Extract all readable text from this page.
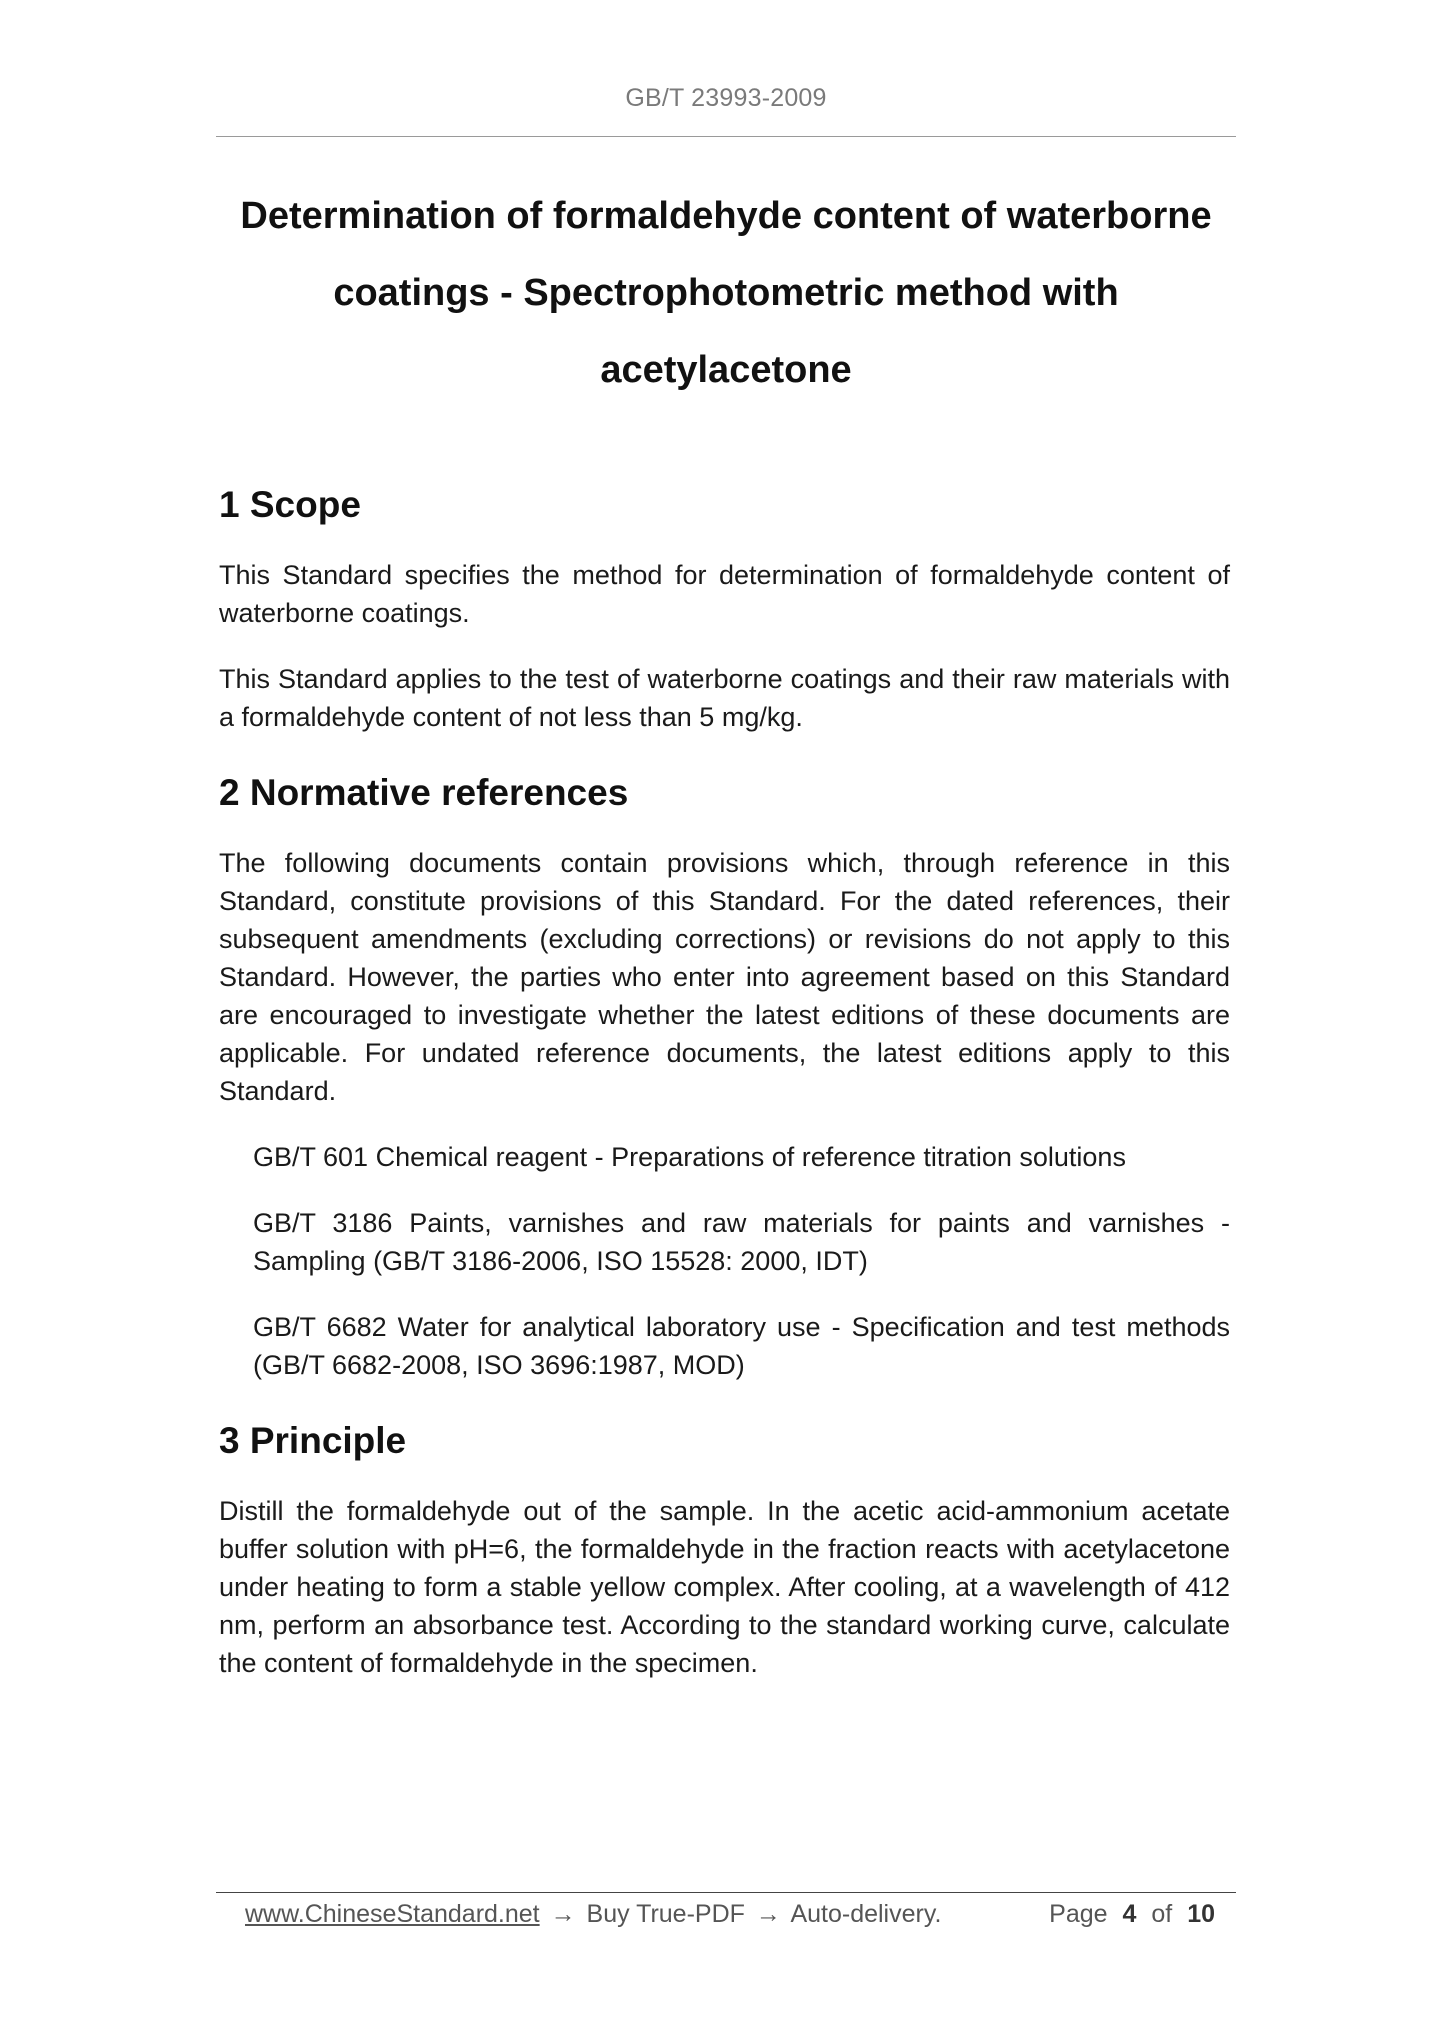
GB/T 23993-2009
Determination of formaldehyde content of waterborne coatings - Spectrophotometric method with acetylacetone
1 Scope

This Standard specifies the method for determination of formaldehyde content of waterborne coatings.

This Standard applies to the test of waterborne coatings and their raw materials with a formaldehyde content of not less than 5 mg/kg.

2 Normative references

The following documents contain provisions which, through reference in this Standard, constitute provisions of this Standard. For the dated references, their subsequent amendments (excluding corrections) or revisions do not apply to this Standard. However, the parties who enter into agreement based on this Standard are encouraged to investigate whether the latest editions of these documents are applicable. For undated reference documents, the latest editions apply to this Standard.

GB/T 601 Chemical reagent - Preparations of reference titration solutions

GB/T 3186 Paints, varnishes and raw materials for paints and varnishes - Sampling (GB/T 3186-2006, ISO 15528: 2000, IDT)

GB/T 6682 Water for analytical laboratory use - Specification and test methods (GB/T 6682-2008, ISO 3696:1987, MOD)

3 Principle

Distill the formaldehyde out of the sample. In the acetic acid-ammonium acetate buffer solution with pH=6, the formaldehyde in the fraction reacts with acetylacetone under heating to form a stable yellow complex. After cooling, at a wavelength of 412 nm, perform an absorbance test. According to the standard working curve, calculate the content of formaldehyde in the specimen.

www.ChineseStandard.net → Buy True-PDF → Auto-delivery.	Page 4 of 10
